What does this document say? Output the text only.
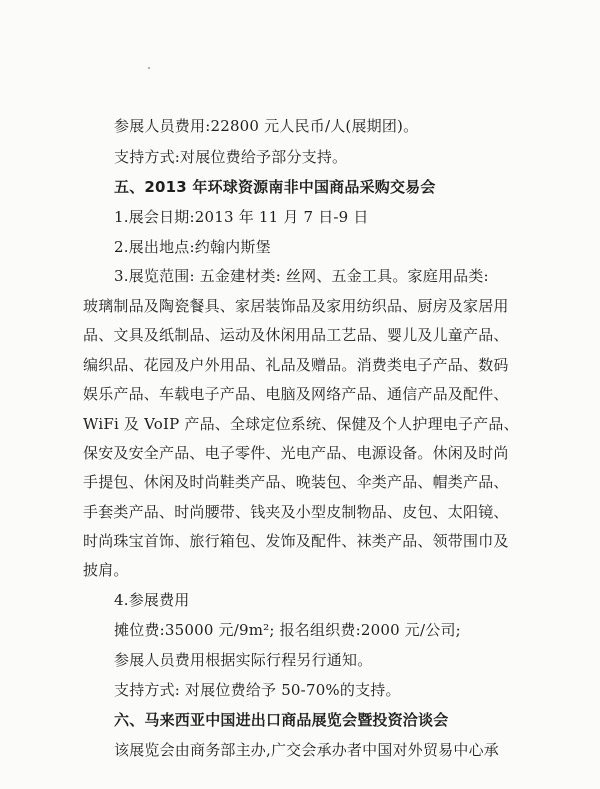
参展人员费用:22800 元人民币/人(展期团)。
支持方式:对展位费给予部分支持。
五、2013 年环球资源南非中国商品采购交易会
1.展会日期:2013 年 11 月 7 日-9 日
2.展出地点:约翰内斯堡
3.展览范围: 五金建材类: 丝网、五金工具。家庭用品类:
玻璃制品及陶瓷餐具、家居装饰品及家用纺织品、厨房及家居用
品、文具及纸制品、运动及休闲用品工艺品、婴儿及儿童产品、
编织品、花园及户外用品、礼品及赠品。消费类电子产品、数码
娱乐产品、车载电子产品、电脑及网络产品、通信产品及配件、
WiFi 及 VoIP 产品、全球定位系统、保健及个人护理电子产品、
保安及安全产品、电子零件、光电产品、电源设备。休闲及时尚
手提包、休闲及时尚鞋类产品、晚装包、伞类产品、帽类产品、
手套类产品、时尚腰带、钱夹及小型皮制物品、皮包、太阳镜、
时尚珠宝首饰、旅行箱包、发饰及配件、袜类产品、领带围巾及
披肩。
4.参展费用
摊位费:35000 元/9m²; 报名组织费:2000 元/公司;
参展人员费用根据实际行程另行通知。
支持方式: 对展位费给予 50-70%的支持。
六、马来西亚中国进出口商品展览会暨投资洽谈会
该展览会由商务部主办,广交会承办者中国对外贸易中心承
